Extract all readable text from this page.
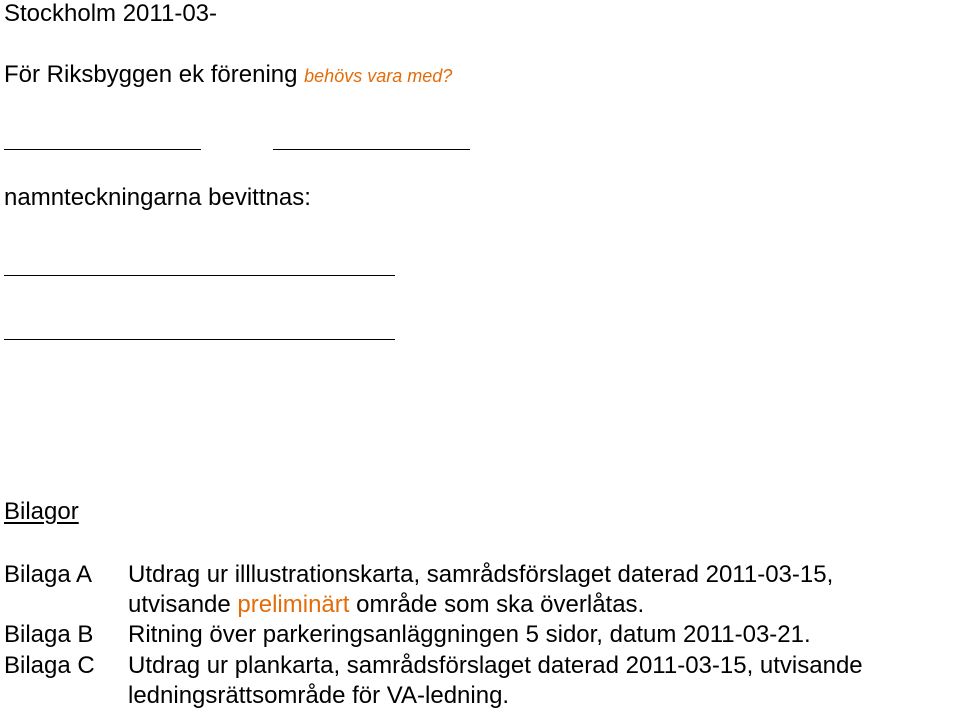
Stockholm 2011-03-

För Riksbyggen ek förening behövs vara med?

namnteckningarna bevittnas:

Bilagor

Bilaga A Utdrag ur illlustrationskarta, samrådsförslaget daterad 2011-03-15,

utvisande preliminärt område som ska överlåtas.

Bilaga B Ritning över parkeringsanläggningen 5 sidor, datum 2011-03-21.
Bilaga C Utdrag ur plankarta, samrådsförslaget daterad 2011-03-15, utvisande
ledningsrättsområde för VA-ledning.
